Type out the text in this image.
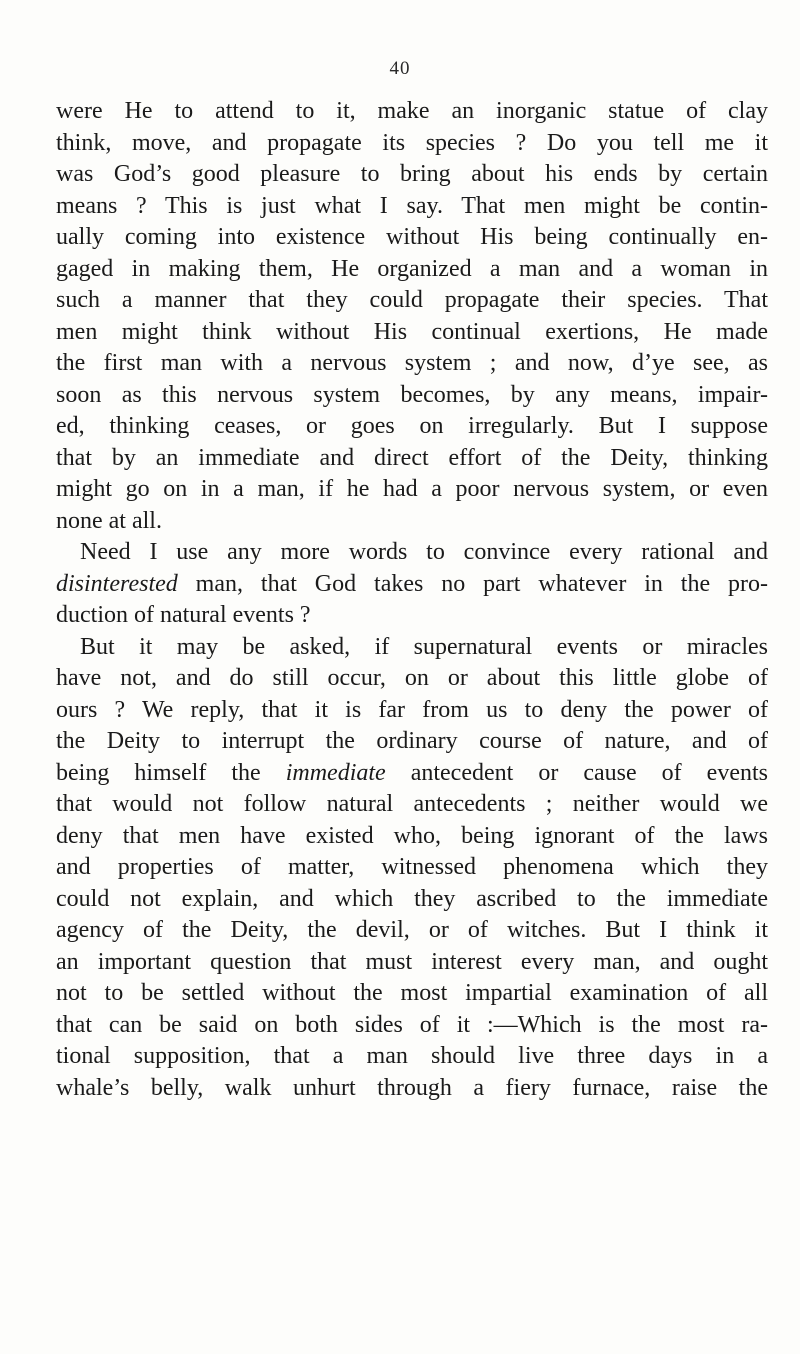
40
were He to attend to it, make an inorganic statue of clay
think, move, and propagate its species ? Do you tell me it
was God’s good pleasure to bring about his ends by certain
means ? This is just what I say. That men might be contin-
ually coming into existence without His being continually en-
gaged in making them, He organized a man and a woman in
such a manner that they could propagate their species. That
men might think without His continual exertions, He made
the first man with a nervous system ; and now, d’ye see, as
soon as this nervous system becomes, by any means, impair-
ed, thinking ceases, or goes on irregularly. But I suppose
that by an immediate and direct effort of the Deity, thinking
might go on in a man, if he had a poor nervous system, or even
none at all.
Need I use any more words to convince every rational and
disinterested man, that God takes no part whatever in the pro-
duction of natural events ?
But it may be asked, if supernatural events or miracles
have not, and do still occur, on or about this little globe of
ours ? We reply, that it is far from us to deny the power of
the Deity to interrupt the ordinary course of nature, and of
being himself the immediate antecedent or cause of events
that would not follow natural antecedents ; neither would we
deny that men have existed who, being ignorant of the laws
and properties of matter, witnessed phenomena which they
could not explain, and which they ascribed to the immediate
agency of the Deity, the devil, or of witches. But I think it
an important question that must interest every man, and ought
not to be settled without the most impartial examination of all
that can be said on both sides of it :—Which is the most ra-
tional supposition, that a man should live three days in a
whale’s belly, walk unhurt through a fiery furnace, raise the
